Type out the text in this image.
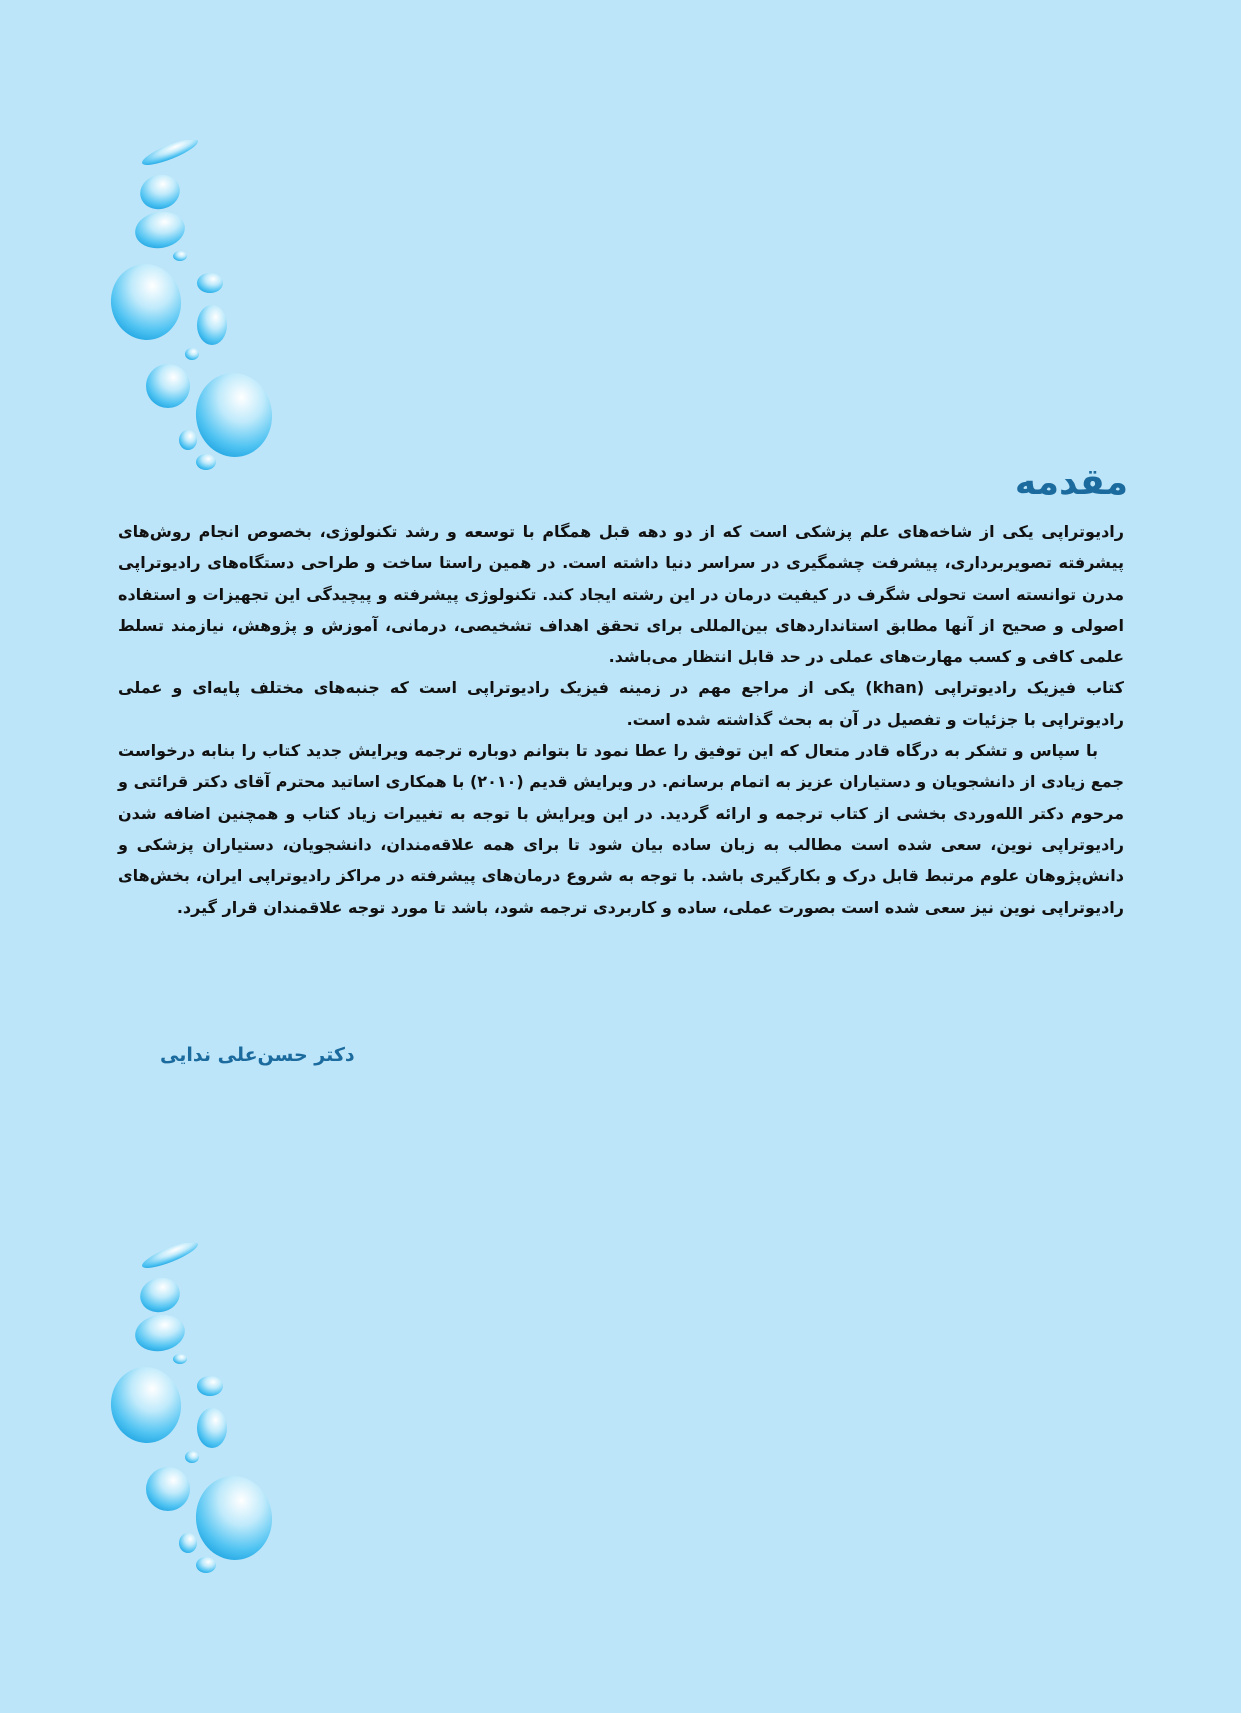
مقدمه

رادیوتراپی یکی از شاخه‌های علم پزشکی است که از دو دهه قبل همگام با توسعه و رشد تکنولوژی، بخصوص انجام روش‌های پیشرفته تصویربرداری، پیشرفت چشمگیری در سراسر دنیا داشته است. در همین راستا ساخت و طراحی دستگاه‌های رادیوتراپی مدرن توانسته است تحولی شگرف در کیفیت درمان در این رشته ایجاد کند. تکنولوژی پیشرفته و پیچیدگی این تجهیزات و استفاده اصولی و صحیح از آنها مطابق استانداردهای بین‌المللی برای تحقق اهداف تشخیصی، درمانی، آموزش و پژوهش، نیازمند تسلط علمی کافی و کسب مهارت‌های عملی در حد قابل انتظار می‌باشد.

کتاب فیزیک رادیوتراپی (khan) یکی از مراجع مهم در زمینه فیزیک رادیوتراپی است که جنبه‌های مختلف پایه‌ای و عملی رادیوتراپی با جزئیات و تفصیل در آن به بحث گذاشته شده است.

با سپاس و تشکر به درگاه قادر متعال که این توفیق را عطا نمود تا بتوانم دوباره ترجمه ویرایش جدید کتاب را بنابه درخواست جمع زیادی از دانشجویان و دستیاران عزیز به اتمام برسانم. در ویرایش قدیم (۲۰۱۰) با همکاری اساتید محترم آقای دکتر قرائتی و مرحوم دکتر الله‌وردی بخشی از کتاب ترجمه و ارائه گردید. در این ویرایش با توجه به تغییرات زیاد کتاب و همچنین اضافه شدن رادیوتراپی نوین، سعی شده است مطالب به زبان ساده بیان شود تا برای همه علاقه‌مندان، دانشجویان، دستیاران پزشکی و دانش‌پژوهان علوم مرتبط قابل درک و بکارگیری باشد. با توجه به شروع درمان‌های پیشرفته در مراکز رادیوتراپی ایران، بخش‌های رادیوتراپی نوین نیز سعی شده است بصورت عملی، ساده و کاربردی ترجمه شود، باشد تا مورد توجه علاقمندان قرار گیرد.

دکتر حسن‌علی ندایی
